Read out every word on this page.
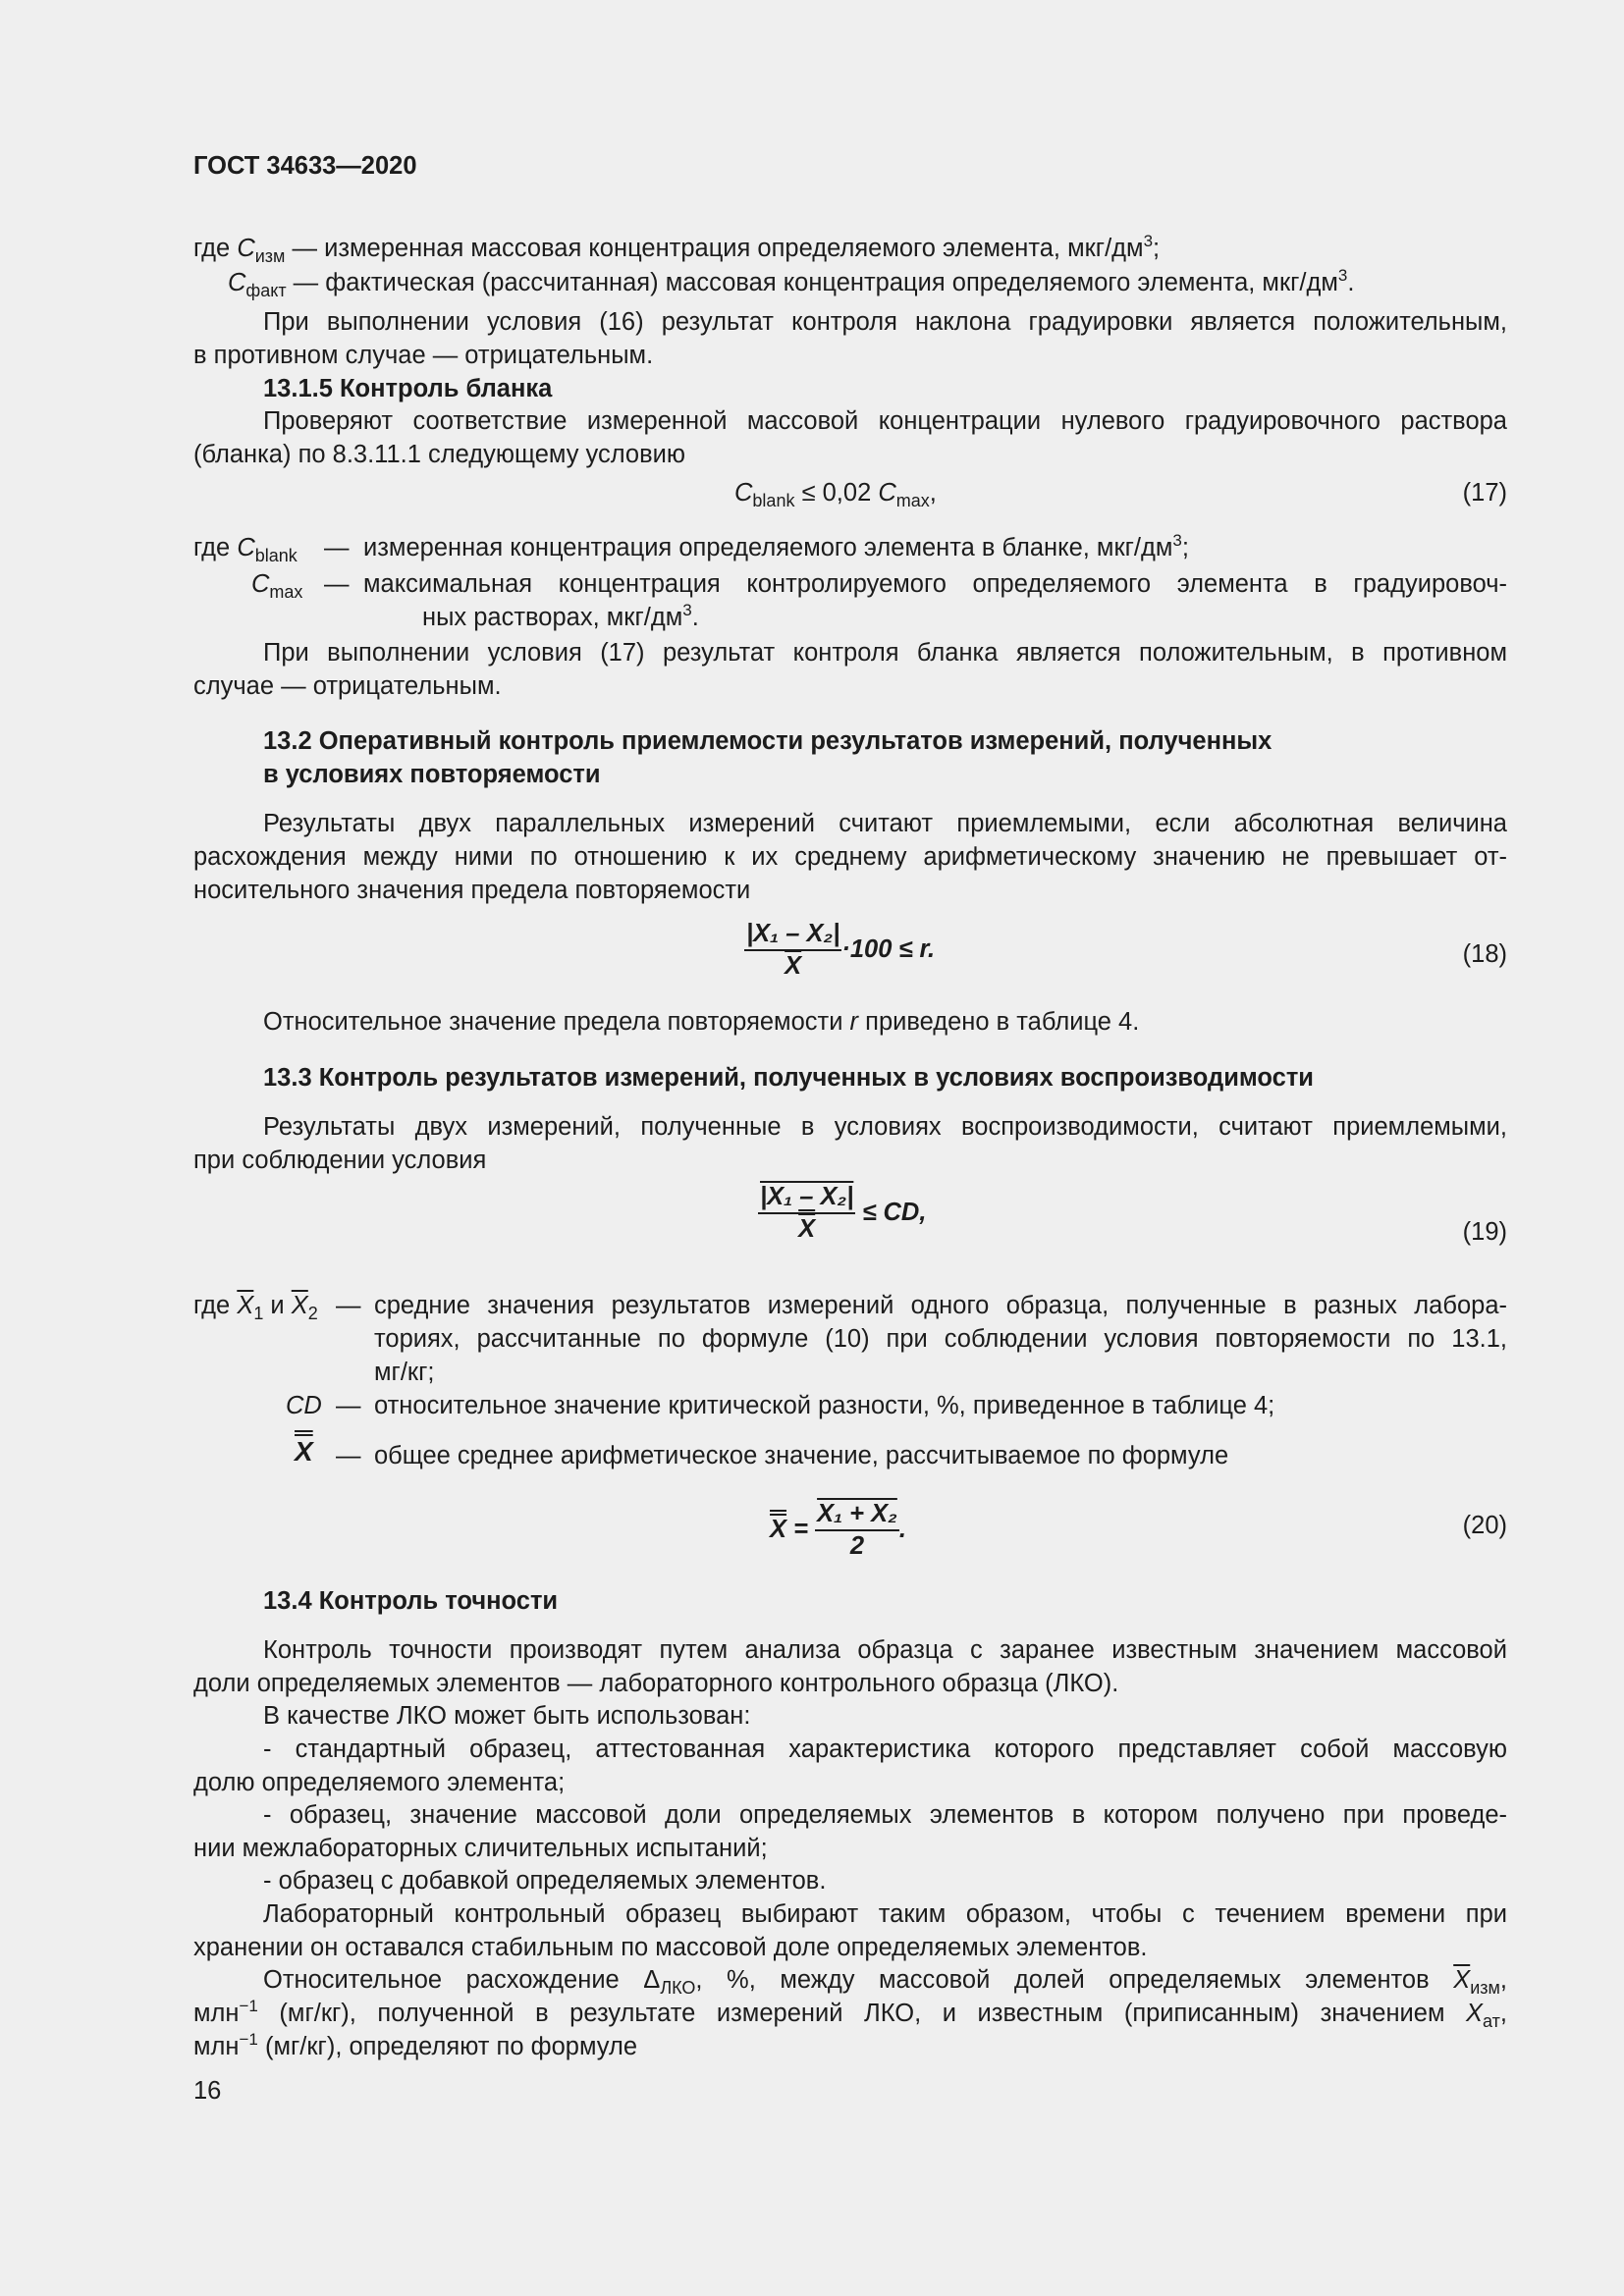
ГОСТ 34633—2020
где $C_{изм}$ — измеренная массовая концентрация определяемого элемента, мкг/$дм^3$;
$C_{факт}$ — фактическая (рассчитанная) массовая концентрация определяемого элемента, мкг/$дм^3$.
При выполнении условия (16) результат контроля наклона градуировки является положительным,
в противном случае — отрицательным.
13.1.5 Контроль бланка
Проверяют соответствие измеренной массовой концентрации нулевого градуировочного раствора
(бланка) по 8.3.11.1 следующему условию
$C_{blank} \le 0,02$ $C_{max}$,	(17)
где $C_{blank}$ — измеренная концентрация определяемого элемента в бланке, мкг/$дм^3$;
$C_{max}$ — максимальная концентрация контролируемого определяемого элемента в градуировоч-
ных растворах, мкг/$дм^3$.
При выполнении условия (17) результат контроля бланка является положительным, в противном
случае — отрицательным.
13.2 Оперативный контроль приемлемости результатов измерений, полученных
в условиях повторяемости
Результаты двух параллельных измерений считают приемлемыми, если абсолютная величина
расхождения между ними по отношению к их среднему арифметическому значению не превышает от-
носительного значения предела повторяемости
$\frac{\text{|X₁ – X₂|}}{X} \cdot 100 \le r$.	(18)
Относительное значение предела повторяемости r приведено в таблице 4.
13.3 Контроль результатов измерений, полученных в условиях воспроизводимости
Результаты двух измерений, полученные в условиях воспроизводимости, считают приемлемыми,
при соблюдении условия
$\frac{\text{|X₁ – X₂|}}{X}$ ≤ CD,
(19)
где $\overline{X}_1$ и $\overline{X}_2$ — средние значения результатов измерений одного образца, полученные в разных лабора-
ториях, рассчитанные по формуле (10) при соблюдении условия повторяемости по 13.1,
мг/кг;
CD — относительное значение критической разности, %, приведенное в таблице 4;
X — общее среднее арифметическое значение, рассчитываемое по формуле
$X = \frac{\text{X₁ + X₂}}{2}$ .	(20)
13.4 Контроль точности
Контроль точности производят путем анализа образца с заранее известным значением массовой
доли определяемых элементов — лабораторного контрольного образца (ЛКО).
В качестве ЛКО может быть использован:
- стандартный образец, аттестованная характеристика которого представляет собой массовую
долю определяемого элемента;
- образец, значение массовой доли определяемых элементов в котором получено при проведе-
нии межлабораторных сличительных испытаний;
- образец с добавкой определяемых элементов.
Лабораторный контрольный образец выбирают таким образом, чтобы с течением времени при
хранении он оставался стабильным по массовой доле определяемых элементов.
Относительное расхождение $\Delta_{ЛКО}$, %, между массовой долей определяемых элементов $\overline{X}_{изм}$,
млн$^{-1}$ (мг/кг), полученной в результате измерений ЛКО, и известным (приписанным) значением $X_{ат}$,
млн$^{-1}$ (мг/кг), определяют по формуле
16
